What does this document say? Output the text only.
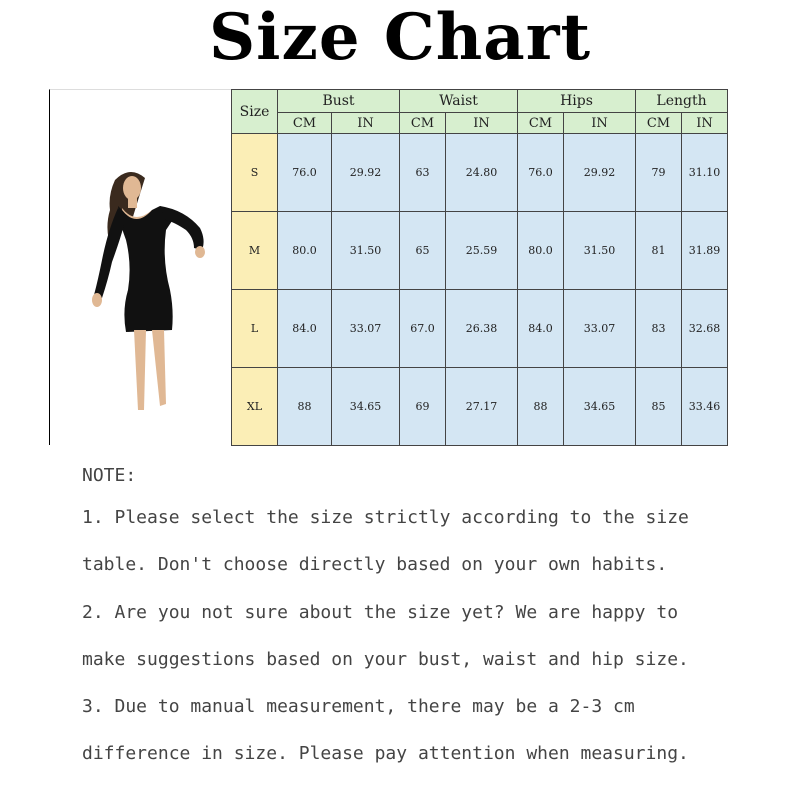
Size Chart
Size	Bust		Waist		Hips		Length	
	CM	IN	CM	IN	CM	IN	CM	IN
S	76.0	29.92	63	24.80	76.0	29.92	79	31.10
M	80.0	31.50	65	25.59	80.0	31.50	81	31.89
L	84.0	33.07	67.0	26.38	84.0	33.07	83	32.68
XL	88	34.65	69	27.17	88	34.65	85	33.46
NOTE:
1. Please select the size strictly according to the size
table. Don't choose directly based on your own habits.
2. Are you not sure about the size yet? We are happy to
make suggestions based on your bust, waist and hip size.
3. Due to manual measurement, there may be a 2-3 cm
difference in size. Please pay attention when measuring.
